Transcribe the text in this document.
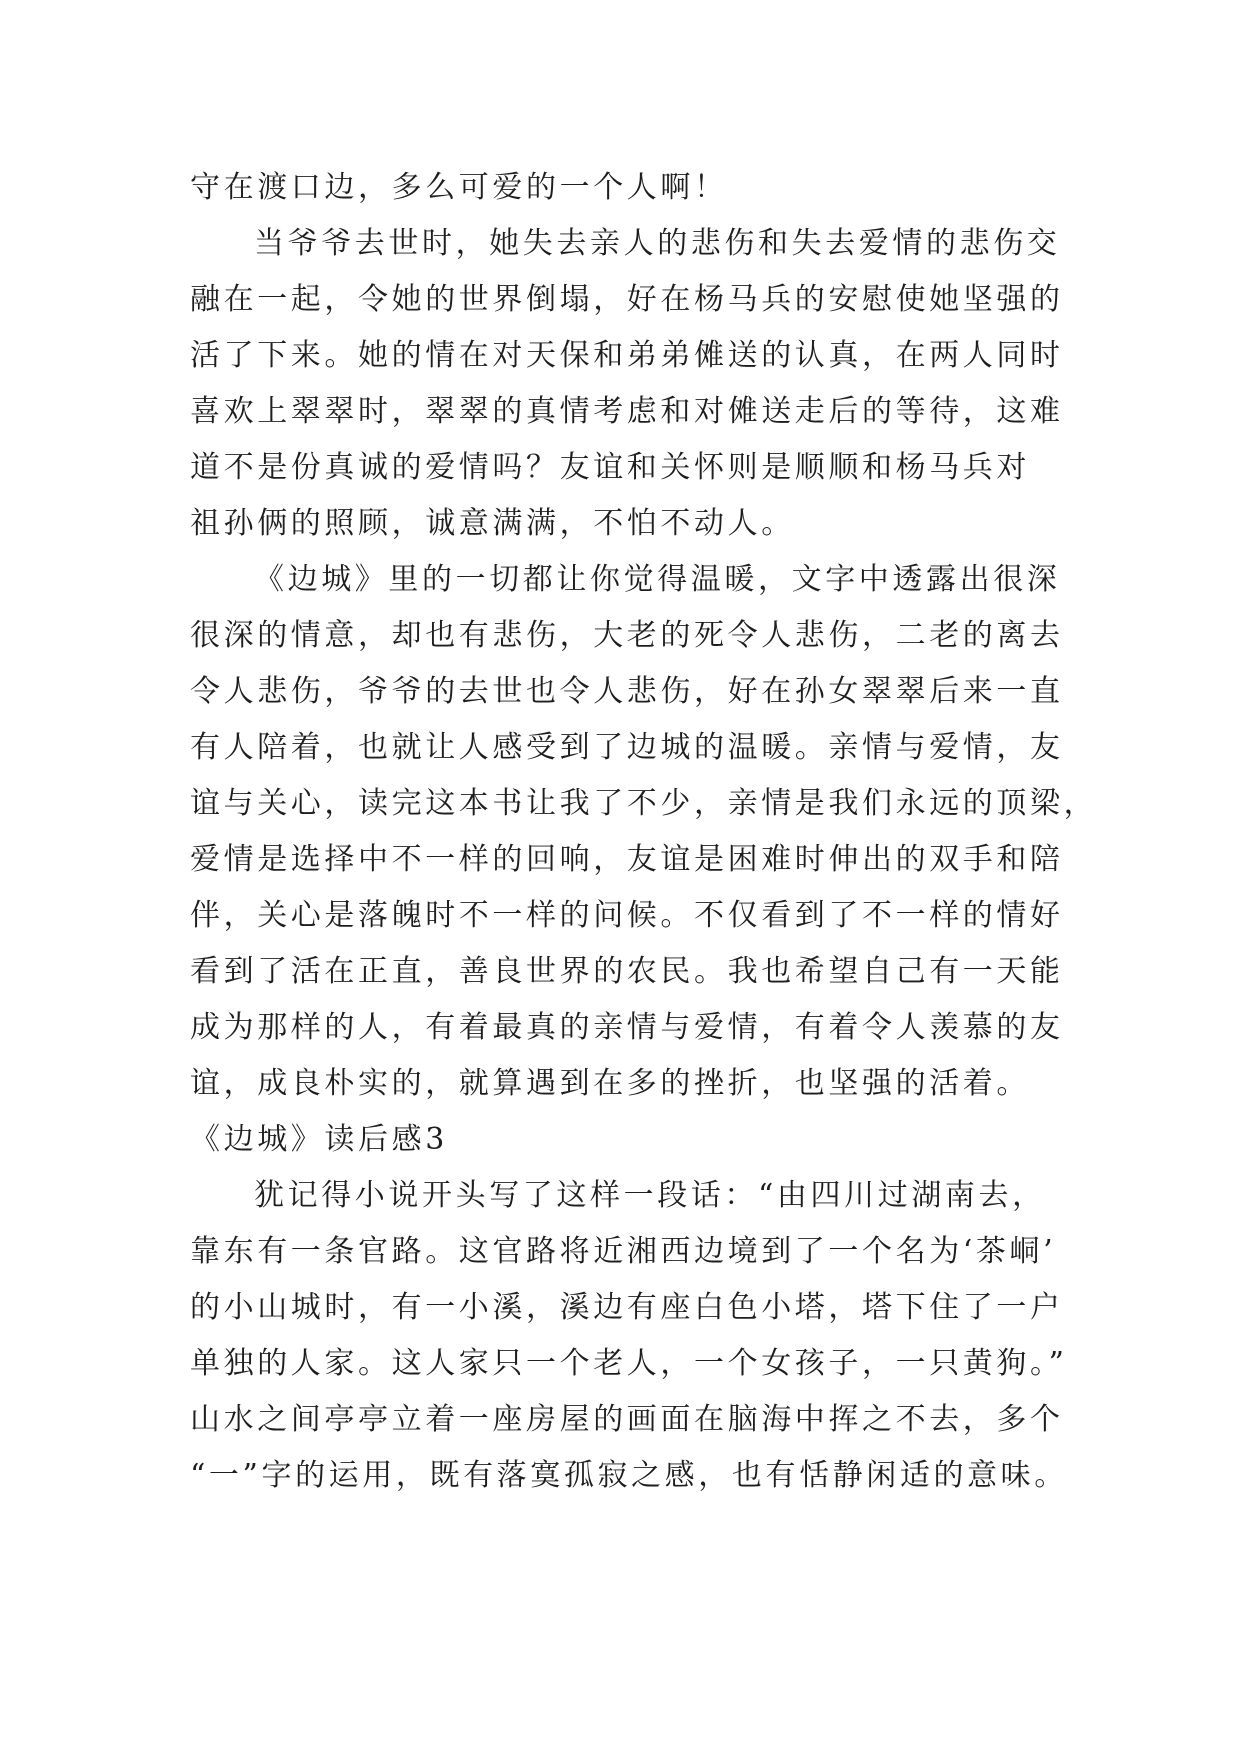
守在渡口边，多么可爱的一个人啊！
当爷爷去世时，她失去亲人的悲伤和失去爱情的悲伤交
融在一起，令她的世界倒塌，好在杨马兵的安慰使她坚强的
活了下来。她的情在对天保和弟弟傩送的认真，在两人同时
喜欢上翠翠时，翠翠的真情考虑和对傩送走后的等待，这难
道不是份真诚的爱情吗？友谊和关怀则是顺顺和杨马兵对
祖孙俩的照顾，诚意满满，不怕不动人。
《边城》里的一切都让你觉得温暖，文字中透露出很深
很深的情意，却也有悲伤，大老的死令人悲伤，二老的离去
令人悲伤，爷爷的去世也令人悲伤，好在孙女翠翠后来一直
有人陪着，也就让人感受到了边城的温暖。亲情与爱情，友
谊与关心，读完这本书让我了不少，亲情是我们永远的顶梁，
爱情是选择中不一样的回响，友谊是困难时伸出的双手和陪
伴，关心是落魄时不一样的问候。不仅看到了不一样的情好
看到了活在正直，善良世界的农民。我也希望自己有一天能
成为那样的人，有着最真的亲情与爱情，有着令人羡慕的友
谊，成良朴实的，就算遇到在多的挫折，也坚强的活着。
《边城》读后感3
犹记得小说开头写了这样一段话：“由四川过湖南去，
靠东有一条官路。这官路将近湘西边境到了一个名为‘茶峒’
的小山城时，有一小溪，溪边有座白色小塔，塔下住了一户
单独的人家。这人家只一个老人，一个女孩子，一只黄狗。”
山水之间亭亭立着一座房屋的画面在脑海中挥之不去，多个
“一”字的运用，既有落寞孤寂之感，也有恬静闲适的意味。
